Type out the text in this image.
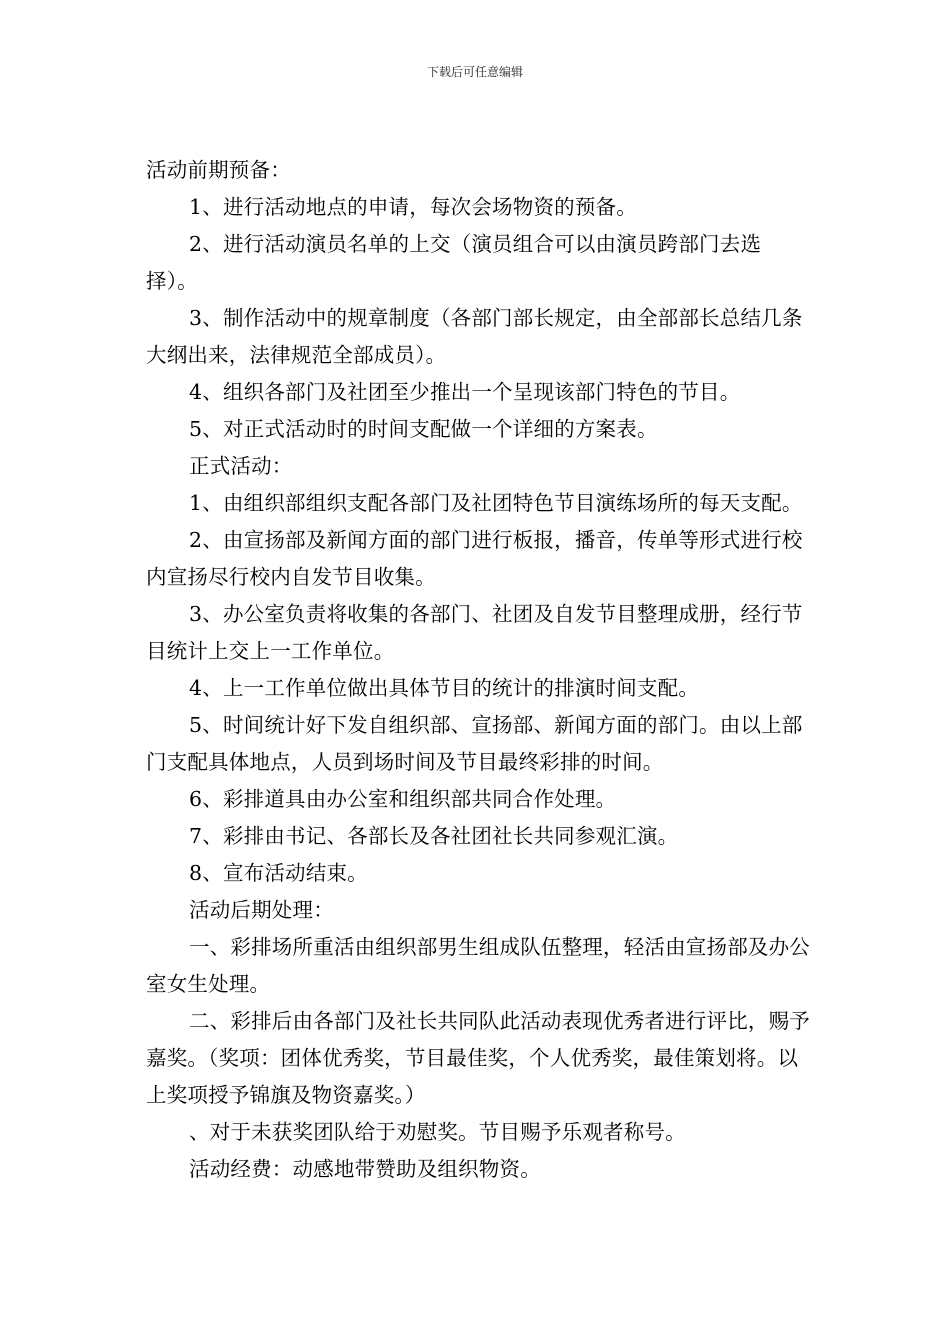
下载后可任意编辑

活动前期预备：

1、进行活动地点的申请，每次会场物资的预备。

2、进行活动演员名单的上交（演员组合可以由演员跨部门去选择）。

3、制作活动中的规章制度（各部门部长规定，由全部部长总结几条大纲出来，法律规范全部成员）。

4、组织各部门及社团至少推出一个呈现该部门特色的节目。

5、对正式活动时的时间支配做一个详细的方案表。

正式活动：

1、由组织部组织支配各部门及社团特色节目演练场所的每天支配。

2、由宣扬部及新闻方面的部门进行板报，播音，传单等形式进行校内宣扬尽行校内自发节目收集。

3、办公室负责将收集的各部门、社团及自发节目整理成册，经行节目统计上交上一工作单位。

4、上一工作单位做出具体节目的统计的排演时间支配。

5、时间统计好下发自组织部、宣扬部、新闻方面的部门。由以上部门支配具体地点，人员到场时间及节目最终彩排的时间。

6、彩排道具由办公室和组织部共同合作处理。

7、彩排由书记、各部长及各社团社长共同参观汇演。

8、宣布活动结束。

活动后期处理：

一、彩排场所重活由组织部男生组成队伍整理，轻活由宣扬部及办公室女生处理。

二、彩排后由各部门及社长共同队此活动表现优秀者进行评比，赐予嘉奖。（奖项：团体优秀奖，节目最佳奖，个人优秀奖，最佳策划将。以上奖项授予锦旗及物资嘉奖。）

、对于未获奖团队给于劝慰奖。节目赐予乐观者称号。

活动经费：动感地带赞助及组织物资。
